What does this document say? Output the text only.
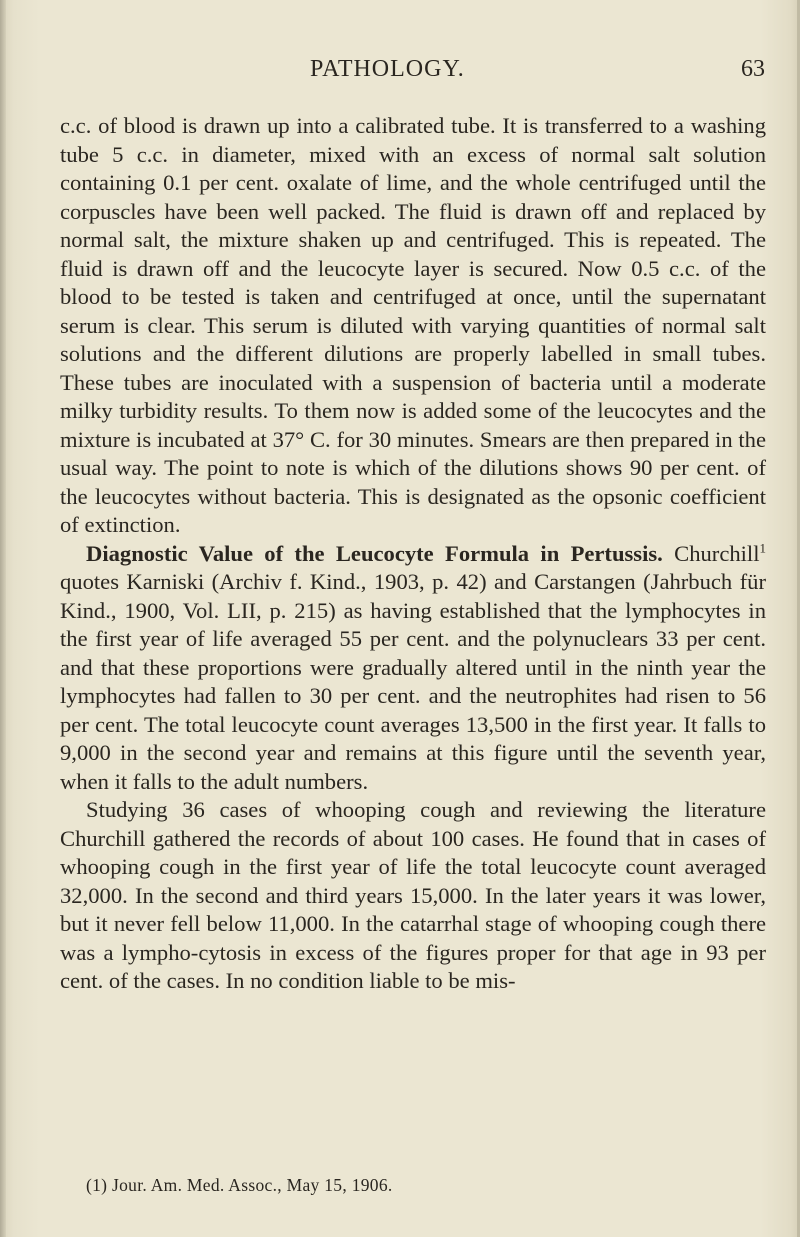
PATHOLOGY.	63

c.c. of blood is drawn up into a calibrated tube. It is transferred to a washing tube 5 c.c. in diameter, mixed with an excess of normal salt solution containing 0.1 per cent. oxalate of lime, and the whole centrifuged until the corpuscles have been well packed. The fluid is drawn off and replaced by normal salt, the mixture shaken up and centrifuged. This is repeated. The fluid is drawn off and the leucocyte layer is secured. Now 0.5 c.c. of the blood to be tested is taken and centrifuged at once, until the supernatant serum is clear. This serum is diluted with varying quantities of normal salt solutions and the different dilutions are properly labelled in small tubes. These tubes are inoculated with a suspension of bacteria until a moderate milky turbidity results. To them now is added some of the leucocytes and the mixture is incubated at 37° C. for 30 minutes. Smears are then prepared in the usual way. The point to note is which of the dilutions shows 90 per cent. of the leucocytes without bacteria. This is designated as the opsonic coefficient of extinction.

Diagnostic Value of the Leucocyte Formula in Pertussis. Churchill$^1$ quotes Karniski (Archiv f. Kind., 1903, p. 42) and Carstangen (Jahrbuch für Kind., 1900, Vol. LII, p. 215) as having established that the lymphocytes in the first year of life averaged 55 per cent. and the polynuclears 33 per cent. and that these proportions were gradually altered until in the ninth year the lymphocytes had fallen to 30 per cent. and the neutrophites had risen to 56 per cent. The total leucocyte count averages 13,500 in the first year. It falls to 9,000 in the second year and remains at this figure until the seventh year, when it falls to the adult numbers.

Studying 36 cases of whooping cough and reviewing the literature Churchill gathered the records of about 100 cases. He found that in cases of whooping cough in the first year of life the total leucocyte count averaged 32,000. In the second and third years 15,000. In the later years it was lower, but it never fell below 11,000. In the catarrhal stage of whooping cough there was a lympho-cytosis in excess of the figures proper for that age in 93 per cent. of the cases. In no condition liable to be mis-

(1) Jour. Am. Med. Assoc., May 15, 1906.
